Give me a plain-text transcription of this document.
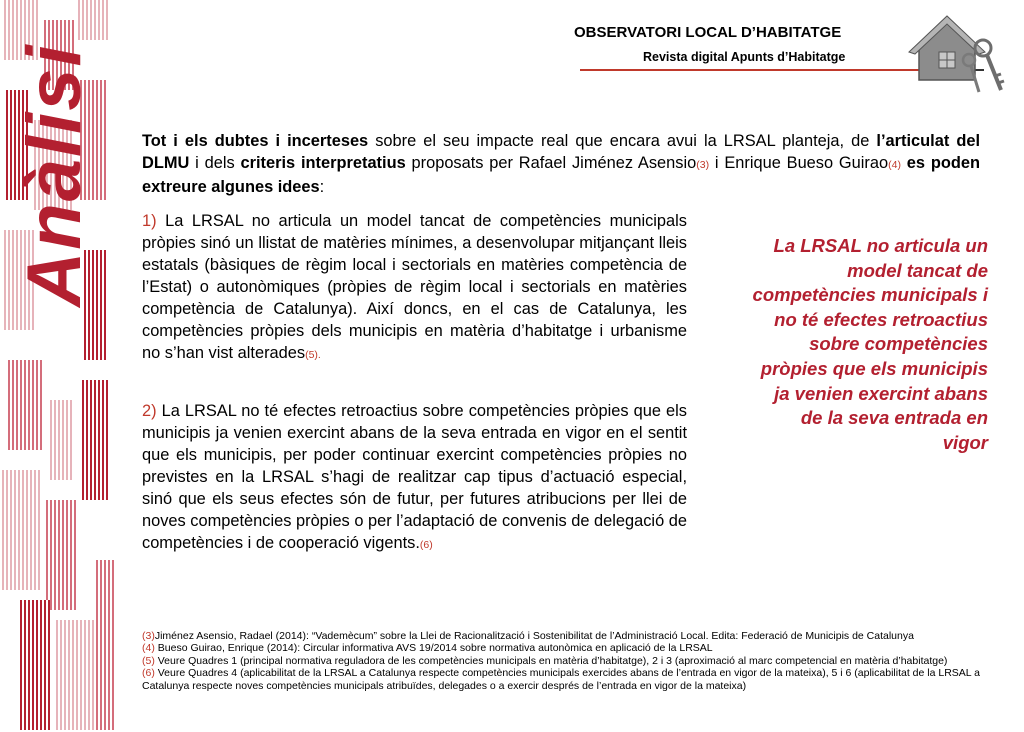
Anàlisi
OBSERVATORI LOCAL D’HABITATGE
Revista digital Apunts d’Habitatge
Tot i els dubtes i incerteses sobre el seu impacte real que encara avui la LRSAL planteja, de l’articulat del DLMU i dels criteris interpretatius proposats per Rafael Jiménez Asensio(3) i Enrique Bueso Guirao(4) es poden extreure algunes idees:
1) La LRSAL no articula un model tancat de competències municipals pròpies sinó un llistat de matèries mínimes, a desenvolupar mitjançant lleis estatals (bàsiques de règim local i sectorials en matèries competència de l’Estat) o autonòmiques (pròpies de règim local i sectorials en matèries competència de Catalunya). Així doncs, en el cas de Catalunya, les competències pròpies dels municipis en matèria d’habitatge i urbanisme no s’han vist alterades(5).
2) La LRSAL no té efectes retroactius sobre competències pròpies que els municipis ja venien exercint abans de la seva entrada en vigor en el sentit que els municipis, per poder continuar exercint competències pròpies no previstes en la LRSAL s’hagi de realitzar cap tipus d’actuació especial, sinó que els seus efectes són de futur, per futures atribucions per llei de noves competències pròpies o per l’adaptació de convenis de delegació de competències i de cooperació vigents.(6)
La LRSAL no articula un model tancat de competències municipals i no té efectes retroactius sobre competències pròpies que els municipis ja venien exercint abans de la seva entrada en vigor

(3)Jiménez Asensio, Radael (2014): “Vademècum” sobre la Llei de Racionalització i Sostenibilitat de l’Administració Local. Edita: Federació de Municipis de Catalunya

(4) Bueso Guirao, Enrique (2014): Circular informativa AVS 19/2014 sobre normativa autonòmica en aplicació de la LRSAL

(5) Veure Quadres 1 (principal normativa reguladora de les competències municipals en matèria d’habitatge), 2 i 3 (aproximació al marc competencial en matèria d’habitatge)

(6) Veure Quadres 4 (aplicabilitat de la LRSAL a Catalunya respecte competències municipals exercides abans de l’entrada en vigor de la mateixa), 5 i 6 (aplicabilitat de la LRSAL a Catalunya respecte noves competències municipals atribuïdes, delegades o a exercir després de l’entrada en vigor de la mateixa)
